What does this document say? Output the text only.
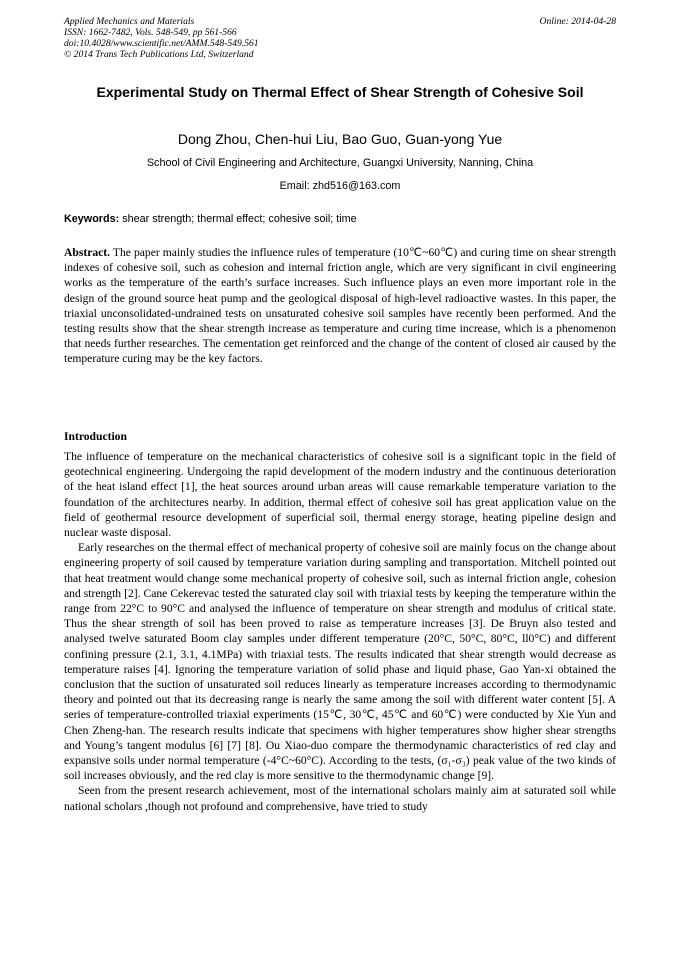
Applied Mechanics and Materials
ISSN: 1662-7482, Vols. 548-549, pp 561-566
doi:10.4028/www.scientific.net/AMM.548-549.561
© 2014 Trans Tech Publications Ltd, Switzerland
Online: 2014-04-28
Experimental Study on Thermal Effect of Shear Strength of Cohesive Soil
Dong Zhou, Chen-hui Liu, Bao Guo, Guan-yong Yue
School of Civil Engineering and Architecture, Guangxi University, Nanning, China
Email: zhd516@163.com
Keywords: shear strength; thermal effect; cohesive soil; time

Abstract. The paper mainly studies the influence rules of temperature (10℃~60℃) and curing time on shear strength indexes of cohesive soil, such as cohesion and internal friction angle, which are very significant in civil engineering works as the temperature of the earth’s surface increases. Such influence plays an even more important role in the design of the ground source heat pump and the geological disposal of high-level radioactive wastes. In this paper, the triaxial unconsolidated-undrained tests on unsaturated cohesive soil samples have recently been performed. And the testing results show that the shear strength increase as temperature and curing time increase, which is a phenomenon that needs further researches. The cementation get reinforced and the change of the content of closed air caused by the temperature curing may be the key factors.

Introduction

The influence of temperature on the mechanical characteristics of cohesive soil is a significant topic in the field of geotechnical engineering. Undergoing the rapid development of the modern industry and the continuous deterioration of the heat island effect [1], the heat sources around urban areas will cause remarkable temperature variation to the foundation of the architectures nearby. In addition, thermal effect of cohesive soil has great application value on the field of geothermal resource development of superficial soil, thermal energy storage, heating pipeline design and nuclear waste disposal.

Early researches on the thermal effect of mechanical property of cohesive soil are mainly focus on the change about engineering property of soil caused by temperature variation during sampling and transportation. Mitchell pointed out that heat treatment would change some mechanical property of cohesive soil, such as internal friction angle, cohesion and strength [2]. Cane Cekerevac tested the saturated clay soil with triaxial tests by keeping the temperature within the range from 22°C to 90°C and analysed the influence of temperature on shear strength and modulus of critical state. Thus the shear strength of soil has been proved to raise as temperature increases [3]. De Bruyn also tested and analysed twelve saturated Boom clay samples under different temperature (20°C, 50°C, 80°C, ll0°C) and different confining pressure (2.1, 3.1, 4.1MPa) with triaxial tests. The results indicated that shear strength would decrease as temperature raises [4]. Ignoring the temperature variation of solid phase and liquid phase, Gao Yan-xi obtained the conclusion that the suction of unsaturated soil reduces linearly as temperature increases according to thermodynamic theory and pointed out that its decreasing range is nearly the same among the soil with different water content [5]. A series of temperature-controlled triaxial experiments (15℃, 30℃, 45℃ and 60℃) were conducted by Xie Yun and Chen Zheng-han. The research results indicate that specimens with higher temperatures show higher shear strengths and Young’s tangent modulus [6] [7] [8]. Ou Xiao-duo compare the thermodynamic characteristics of red clay and expansive soils under normal temperature (-4°C~60°C). According to the tests, (σ₁-σ₃) peak value of the two kinds of soil increases obviously, and the red clay is more sensitive to the thermodynamic change [9].

Seen from the present research achievement, most of the international scholars mainly aim at saturated soil while national scholars ,though not profound and comprehensive, have tried to study
